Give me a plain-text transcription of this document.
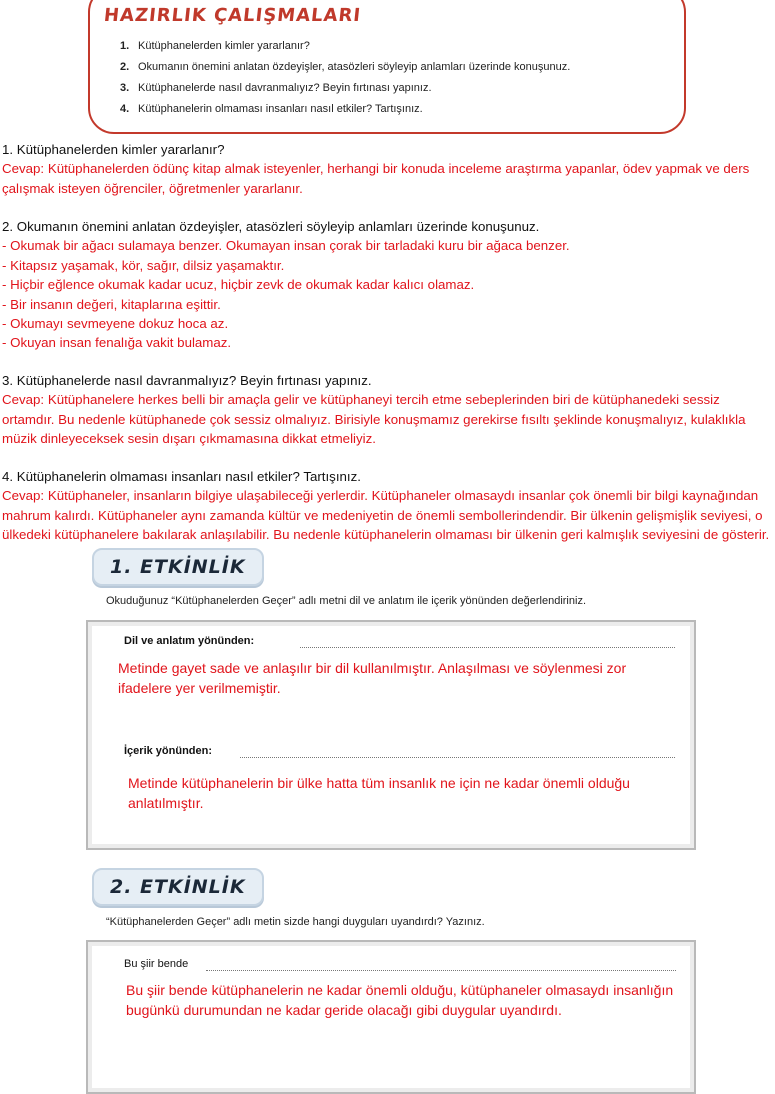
HAZIRLIK ÇALIŞMALARI
1. Kütüphanelerden kimler yararlanır?
2. Okumanın önemini anlatan özdeyişler, atasözleri söyleyip anlamları üzerinde konuşunuz.
3. Kütüphanelerde nasıl davranmalıyız? Beyin fırtınası yapınız.
4. Kütüphanelerin olmaması insanları nasıl etkiler? Tartışınız.

1. Kütüphanelerden kimler yararlanır?

Cevap: Kütüphanelerden ödünç kitap almak isteyenler, herhangi bir konuda inceleme araştırma yapanlar, ödev yapmak ve ders çalışmak isteyen öğrenciler, öğretmenler yararlanır.

2. Okumanın önemini anlatan özdeyişler, atasözleri söyleyip anlamları üzerinde konuşunuz.

- Okumak bir ağacı sulamaya benzer. Okumayan insan çorak bir tarladaki kuru bir ağaca benzer.

- Kitapsız yaşamak, kör, sağır, dilsiz yaşamaktır.

- Hiçbir eğlence okumak kadar ucuz, hiçbir zevk de okumak kadar kalıcı olamaz.

- Bir insanın değeri, kitaplarına eşittir.

- Okumayı sevmeyene dokuz hoca az.

- Okuyan insan fenalığa vakit bulamaz.

3. Kütüphanelerde nasıl davranmalıyız? Beyin fırtınası yapınız.

Cevap: Kütüphanelere herkes belli bir amaçla gelir ve kütüphaneyi tercih etme sebeplerinden biri de kütüphanedeki sessiz ortamdır. Bu nedenle kütüphanede çok sessiz olmalıyız. Birisiyle konuşmamız gerekirse fısıltı şeklinde konuşmalıyız, kulaklıkla müzik dinleyeceksek sesin dışarı çıkmamasına dikkat etmeliyiz.

4. Kütüphanelerin olmaması insanları nasıl etkiler? Tartışınız.

Cevap: Kütüphaneler, insanların bilgiye ulaşabileceği yerlerdir. Kütüphaneler olmasaydı insanlar çok önemli bir bilgi kaynağından mahrum kalırdı. Kütüphaneler aynı zamanda kültür ve medeniyetin de önemli sembollerindendir. Bir ülkenin gelişmişlik seviyesi, o ülkedeki kütüphanelere bakılarak anlaşılabilir. Bu nedenle kütüphanelerin olmaması bir ülkenin geri kalmışlık seviyesini de gösterir.

1. ETKİNLİK
Okuduğunuz “Kütüphanelerden Geçer” adlı metni dil ve anlatım ile içerik yönünden değerlendiriniz.
Dil ve anlatım yönünden:
Metinde gayet sade ve anlaşılır bir dil kullanılmıştır. Anlaşılması ve söylenmesi zor ifadelere yer verilmemiştir.
İçerik yönünden:
Metinde kütüphanelerin bir ülke hatta tüm insanlık ne için ne kadar önemli olduğu anlatılmıştır.
2. ETKİNLİK
“Kütüphanelerden Geçer” adlı metin sizde hangi duyguları uyandırdı? Yazınız.
Bu şiir bende
Bu şiir bende kütüphanelerin ne kadar önemli olduğu, kütüphaneler olmasaydı insanlığın bugünkü durumundan ne kadar geride olacağı gibi duygular uyandırdı.
